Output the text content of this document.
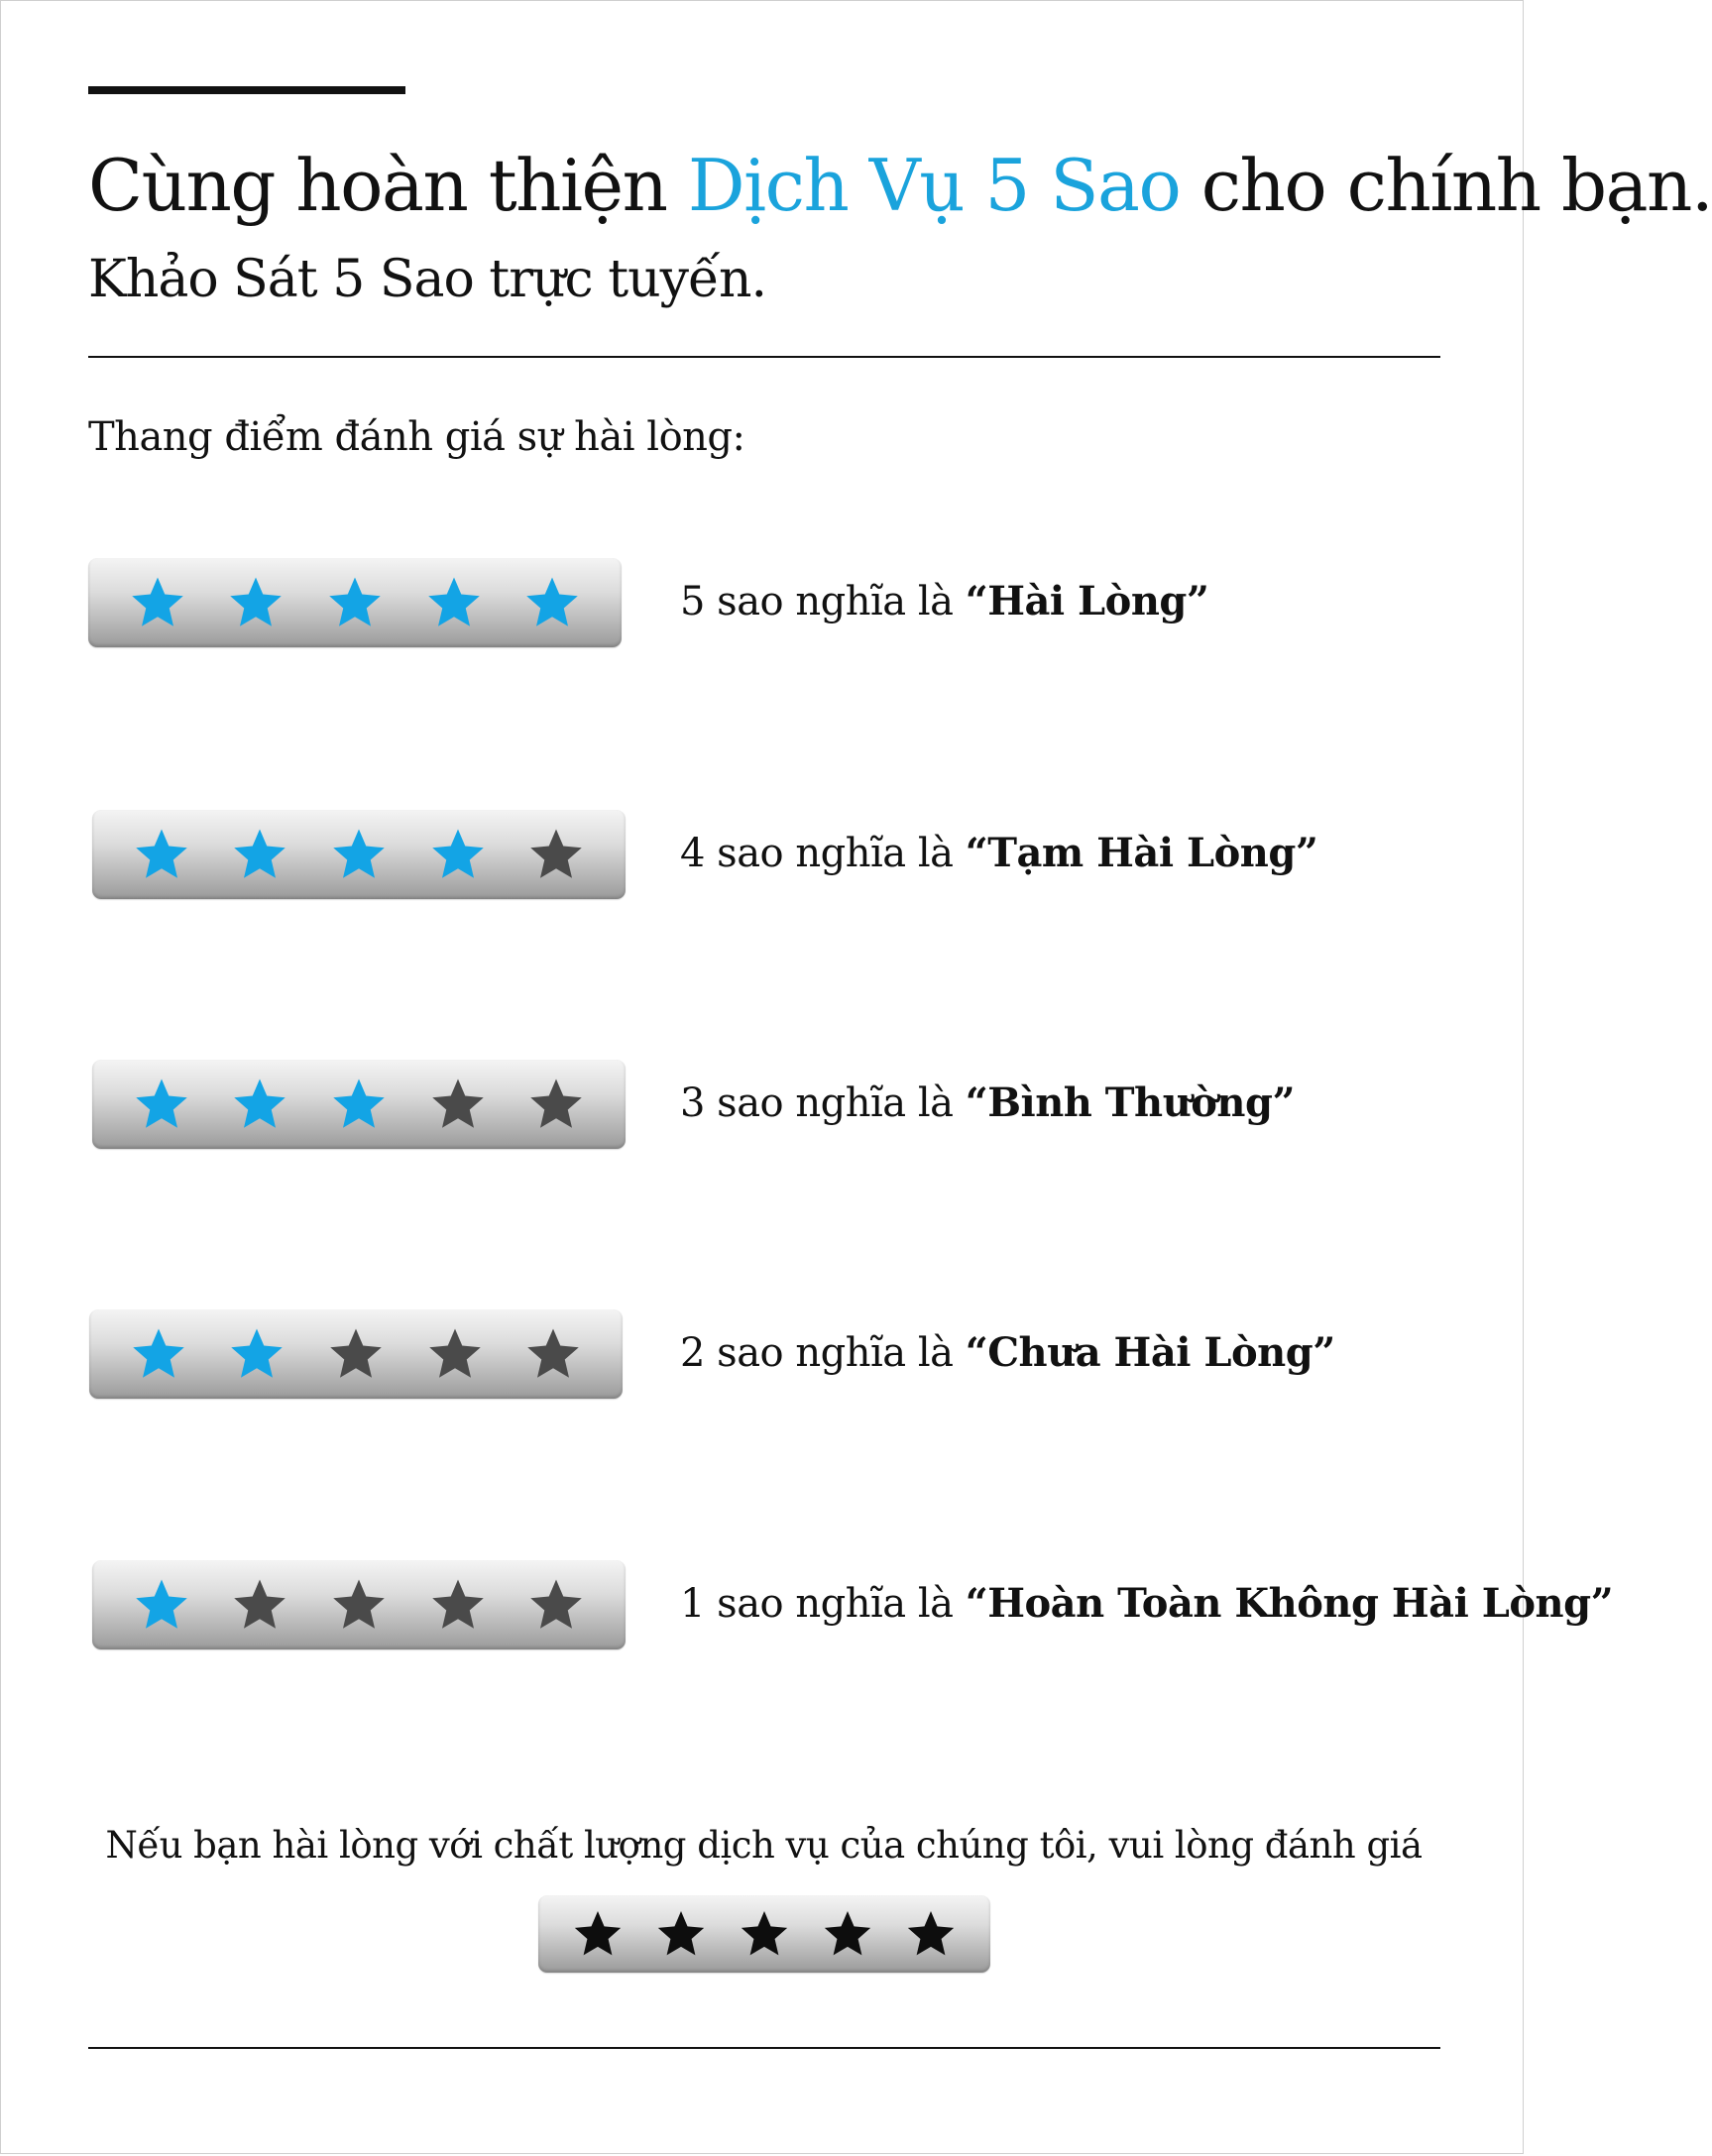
Cùng hoàn thiện Dịch Vụ 5 Sao cho chính bạn.
Khảo Sát 5 Sao trực tuyến.
Thang điểm đánh giá sự hài lòng:
5 sao nghĩa là “Hài Lòng”
4 sao nghĩa là “Tạm Hài Lòng”
3 sao nghĩa là “Bình Thường”
2 sao nghĩa là “Chưa Hài Lòng”
1 sao nghĩa là “Hoàn Toàn Không Hài Lòng”
Nếu bạn hài lòng với chất lượng dịch vụ của chúng tôi, vui lòng đánh giá
